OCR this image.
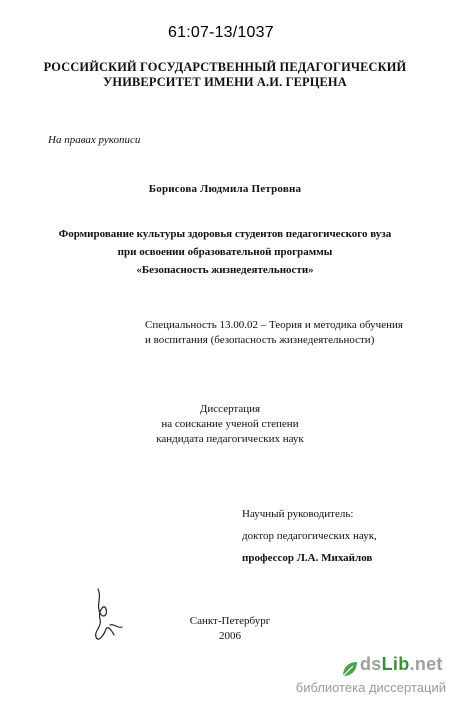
61:07-13/1037
РОССИЙСКИЙ ГОСУДАРСТВЕННЫЙ ПЕДАГОГИЧЕСКИЙ
УНИВЕРСИТЕТ ИМЕНИ А.И. ГЕРЦЕНА
На правах рукописи
Борисова Людмила Петровна
Формирование культуры здоровья студентов педагогического вуза
при освоении образовательной программы
«Безопасность жизнедеятельности»
Специальность 13.00.02 – Теория и методика обучения
и воспитания (безопасность жизнедеятельности)
Диссертация
на соискание ученой степени
кандидата педагогических наук
Научный руководитель:
доктор педагогических наук,
профессор Л.А. Михайлов
Санкт-Петербург
2006
dsLib.net
библиотека диссертаций
